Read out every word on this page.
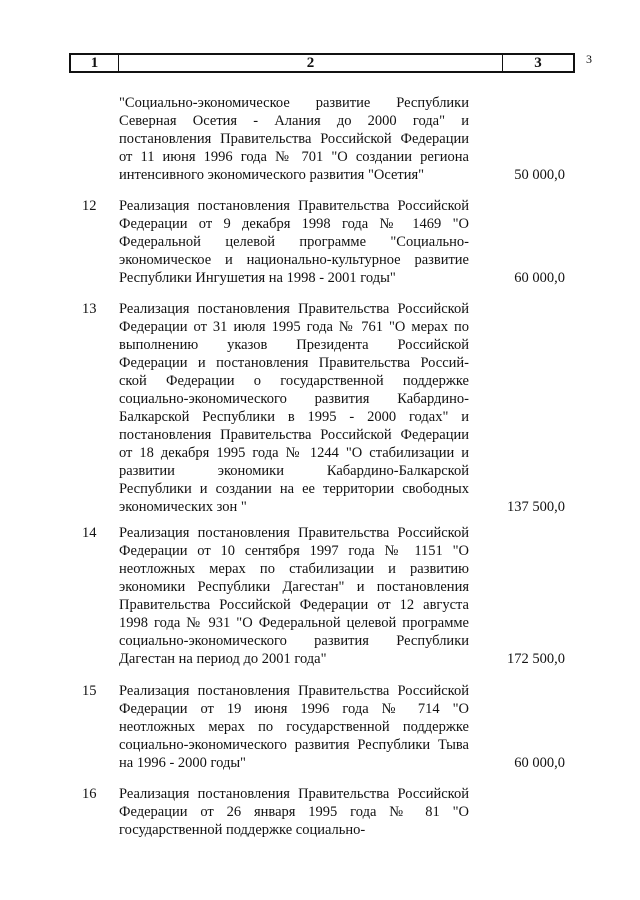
3
1	2	3
"Социально-экономическое развитие Республики
Северная Осетия - Алания до 2000 года" и
постановления Правительства Российской Федерации
от 11 июня 1996 года № 701 "О создании региона
интенсивного экономического развития "Осетия"	50 000,0
12 Реализация постановления Правительства Российской
Федерации от 9 декабря 1998 года № 1469 "О
Федеральной целевой программе "Социально-
экономическое и национально-культурное развитие
Республики Ингушетия на 1998 - 2001 годы"	60 000,0
13 Реализация постановления Правительства Российской
Федерации от 31 июля 1995 года № 761 "О мерах по
выполнению указов Президента Российской
Федерации и постановления Правительства Россий-
ской Федерации о государственной поддержке
социально-экономического развития Кабардино-
Балкарской Республики в 1995 - 2000 годах" и
постановления Правительства Российской Федерации
от 18 декабря 1995 года № 1244 "О стабилизации и
развитии экономики Кабардино-Балкарской
Республики и создании на ее территории свободных
экономических зон "	137 500,0
14 Реализация постановления Правительства Российской
Федерации от 10 сентября 1997 года № 1151 "О
неотложных мерах по стабилизации и развитию
экономики Республики Дагестан" и постановления
Правительства Российской Федерации от 12 августа
1998 года № 931 "О Федеральной целевой программе
социально-экономического развития Республики
Дагестан на период до 2001 года"	172 500,0
15 Реализация постановления Правительства Российской
Федерации от 19 июня 1996 года № 714 "О
неотложных мерах по государственной поддержке
социально-экономического развития Республики Тыва
на 1996 - 2000 годы"	60 000,0
16 Реализация постановления Правительства Российской
Федерации от 26 января 1995 года № 81 "О
государственной поддержке социально-
